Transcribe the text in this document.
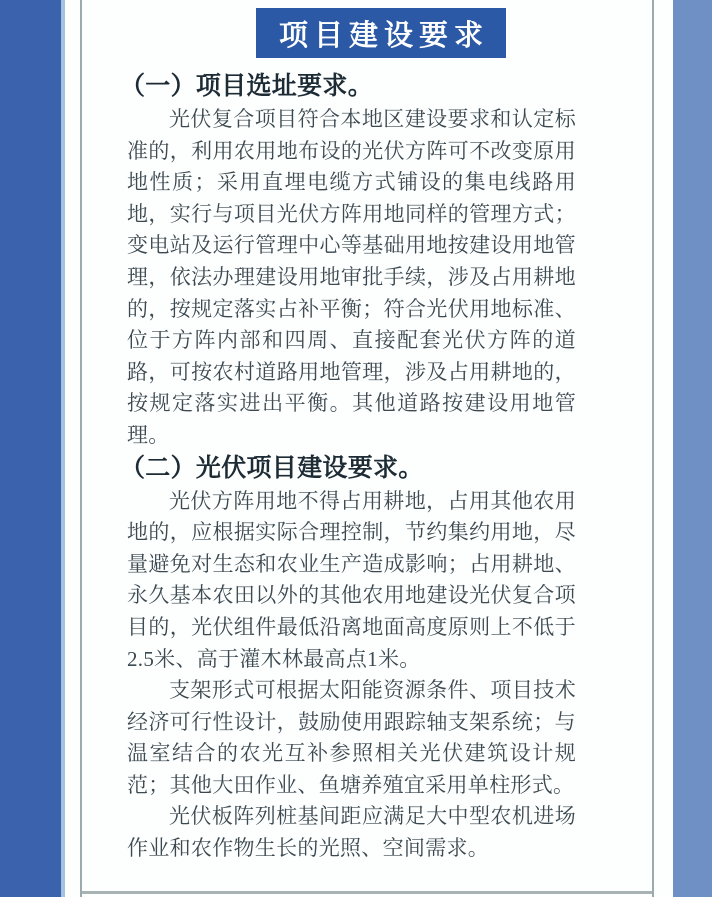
项目建设要求
（一）项目选址要求。

光伏复合项目符合本地区建设要求和认定标准的，利用农用地布设的光伏方阵可不改变原用地性质；采用直埋电缆方式铺设的集电线路用地，实行与项目光伏方阵用地同样的管理方式；变电站及运行管理中心等基础用地按建设用地管理，依法办理建设用地审批手续，涉及占用耕地的，按规定落实占补平衡；符合光伏用地标准、位于方阵内部和四周、直接配套光伏方阵的道路，可按农村道路用地管理，涉及占用耕地的，按规定落实进出平衡。其他道路按建设用地管理。

（二）光伏项目建设要求。

光伏方阵用地不得占用耕地，占用其他农用地的，应根据实际合理控制，节约集约用地，尽量避免对生态和农业生产造成影响；占用耕地、永久基本农田以外的其他农用地建设光伏复合项目的，光伏组件最低沿离地面高度原则上不低于2.5米、高于灌木林最高点1米。

支架形式可根据太阳能资源条件、项目技术经济可行性设计，鼓励使用跟踪轴支架系统；与温室结合的农光互补参照相关光伏建筑设计规范；其他大田作业、鱼塘养殖宜采用单柱形式。

光伏板阵列桩基间距应满足大中型农机进场作业和农作物生长的光照、空间需求。
